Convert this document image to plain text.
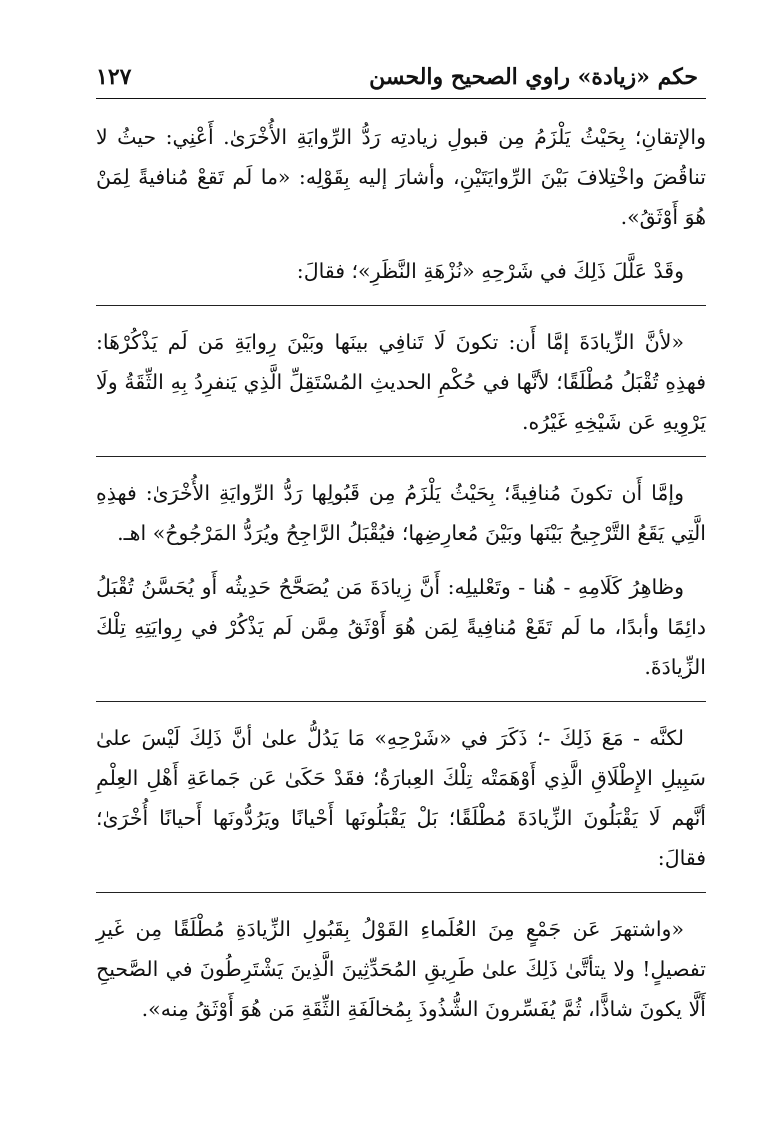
حكم «زيادة» راوي الصحيح والحسن
١٢٧

والإتقانِ؛ بِحَيْثُ يَلْزَمُ مِن قبولِ زيادتِه رَدُّ الرِّوايَةِ الأُخْرَىٰ. أَعْنِي: حيثُ لا تناقُضَ واخْتِلافَ بَيْنَ الرِّوايَتَيْنِ، وأشارَ إليه بِقَوْلِه: «ما لَم تَقعْ مُنافيةً لِمَنْ هُوَ أَوْثَقُ».

وقَدْ عَلَّلَ ذَلِكَ في شَرْحِهِ «نُزْهَةِ النَّظَرِ»؛ فقالَ:

«لأنَّ الزِّيادَةَ إمَّا أَن: تكونَ لَا تَنافِي بينَها وبَيْنَ رِوايَةِ مَن لَم يَذْكُرْهَا: فهذِهِ تُقْبَلُ مُطْلَقًا؛ لأنَّها في حُكْمِ الحديثِ المُسْتَقِلِّ الَّذِي يَنفرِدُ بِهِ الثِّقَةُ ولَا يَرْوِيهِ عَن شَيْخِهِ غَيْرُه.

وإمَّا أَن تكونَ مُنافِيةً؛ بِحَيْثُ يَلْزَمُ مِن قَبُولِها رَدُّ الرِّوايَةِ الأُخْرَىٰ: فهذِهِ الَّتِي يَقَعُ التَّرْجِيحُ بَيْنَها وبَيْنَ مُعارِضِها؛ فيُقْبَلُ الرَّاجِحُ ويُرَدُّ المَرْجُوحُ» اهـ.

وظاهِرُ كَلَامِهِ - هُنا - وتَعْليلِه: أَنَّ زِيادَةَ مَن يُصَحَّحُ حَدِيثُه أَو يُحَسَّنُ تُقْبَلُ دائِمًا وأبدًا، ما لَم تَقَعْ مُنافِيةً لِمَن هُوَ أَوْثَقُ مِمَّن لَم يَذْكُرْ في رِوايَتِهِ تِلْكَ الزِّيادَةَ.

لكنَّه - مَعَ ذَلِكَ -؛ ذَكَرَ في «شَرْحِهِ» مَا يَدُلُّ علىٰ أنَّ ذَلِكَ لَيْسَ علىٰ سَبِيلِ الإِطْلَاقِ الَّذِي أَوْهَمَتْه تِلْكَ العِبارَةُ؛ فقَدْ حَكَىٰ عَن جَماعَةِ أَهْلِ العِلْمِ أنَّهم لَا يَقْبَلُونَ الزِّيادَةَ مُطْلَقًا؛ بَلْ يَقْبَلُونَها أَحْيانًا ويَرُدُّونَها أَحيانًا أُخْرَىٰ؛ فقالَ:

«واشتهرَ عَن جَمْعٍ مِنَ العُلَماءِ القَوْلُ بِقَبُولِ الزِّيادَةِ مُطْلَقًا مِن غَيرِ تفصيلٍ! ولا يتأتَّىٰ ذَلِكَ علىٰ طَرِيقِ المُحَدِّثِينَ الَّذِينَ يَشْتَرِطُونَ في الصَّحيحِ أَلَّا يكونَ شاذًّا، ثُمَّ يُفَسِّرونَ الشُّذُوذَ بِمُخالَفَةِ الثِّقَةِ مَن هُوَ أَوْثَقُ مِنه».
